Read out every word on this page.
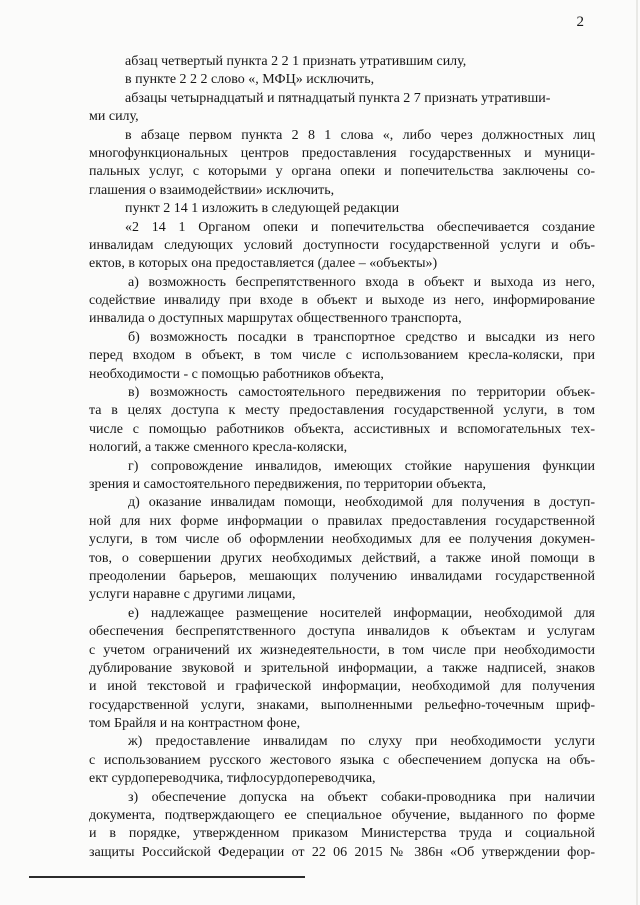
2
абзац четвертый пункта 2 2 1 признать утратившим силу,
в пункте 2 2 2 слово «, МФЦ» исключить,
абзацы четырнадцатый и пятнадцатый пункта 2 7 признать утративши-
ми силу,
в абзаце первом пункта 2 8 1 слова «, либо через должностных лиц
многофункциональных центров предоставления государственных и муници-
пальных услуг, с которыми у органа опеки и попечительства заключены со-
глашения о взаимодействии» исключить,
пункт 2 14 1 изложить в следующей редакции
«2 14 1 Органом опеки и попечительства обеспечивается создание
инвалидам следующих условий доступности государственной услуги и объ-
ектов, в которых она предоставляется (далее – «объекты»)
а) возможность беспрепятственного входа в объект и выхода из него,
содействие инвалиду при входе в объект и выходе из него, информирование
инвалида о доступных маршрутах общественного транспорта,
б) возможность посадки в транспортное средство и высадки из него
перед входом в объект, в том числе с использованием кресла-коляски, при
необходимости - с помощью работников объекта,
в) возможность самостоятельного передвижения по территории объек-
та в целях доступа к месту предоставления государственной услуги, в том
числе с помощью работников объекта, ассистивных и вспомогательных тех-
нологий, а также сменного кресла-коляски,
г) сопровождение инвалидов, имеющих стойкие нарушения функции
зрения и самостоятельного передвижения, по территории объекта,
д) оказание инвалидам помощи, необходимой для получения в доступ-
ной для них форме информации о правилах предоставления государственной
услуги, в том числе об оформлении необходимых для ее получения докумен-
тов, о совершении других необходимых действий, а также иной помощи в
преодолении барьеров, мешающих получению инвалидами государственной
услуги наравне с другими лицами,
е) надлежащее размещение носителей информации, необходимой для
обеспечения беспрепятственного доступа инвалидов к объектам и услугам
с учетом ограничений их жизнедеятельности, в том числе при необходимости
дублирование звуковой и зрительной информации, а также надписей, знаков
и иной текстовой и графической информации, необходимой для получения
государственной услуги, знаками, выполненными рельефно-точечным шриф-
том Брайля и на контрастном фоне,
ж) предоставление инвалидам по слуху при необходимости услуги
с использованием русского жестового языка с обеспечением допуска на объ-
ект сурдопереводчика, тифлосурдопереводчика,
з) обеспечение допуска на объект собаки-проводника при наличии
документа, подтверждающего ее специальное обучение, выданного по форме
и в порядке, утвержденном приказом Министерства труда и социальной
защиты Российской Федерации от 22 06 2015 № 386н «Об утверждении фор-
